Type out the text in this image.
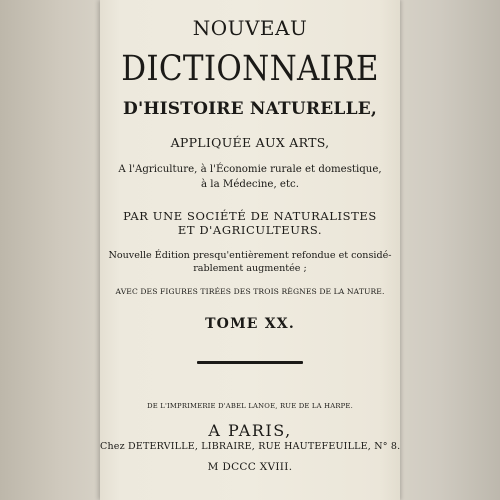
NOUVEAU
DICTIONNAIRE
D'HISTOIRE NATURELLE,
APPLIQUÉE AUX ARTS,
A l'Agriculture, à l'Économie rurale et domestique,
à la Médecine, etc.
PAR UNE SOCIÉTÉ DE NATURALISTES
ET D'AGRICULTEURS.
Nouvelle Édition presqu'entièrement refondue et considé-
rablement augmentée ;
AVEC DES FIGURES TIRÉES DES TROIS RÈGNES DE LA NATURE.
TOME XX.
DE L'IMPRIMERIE D'ABEL LANOE, RUE DE LA HARPE.
A PARIS,
Chez DETERVILLE, LIBRAIRE, RUE HAUTEFEUILLE, N° 8.
M DCCC XVIII.
